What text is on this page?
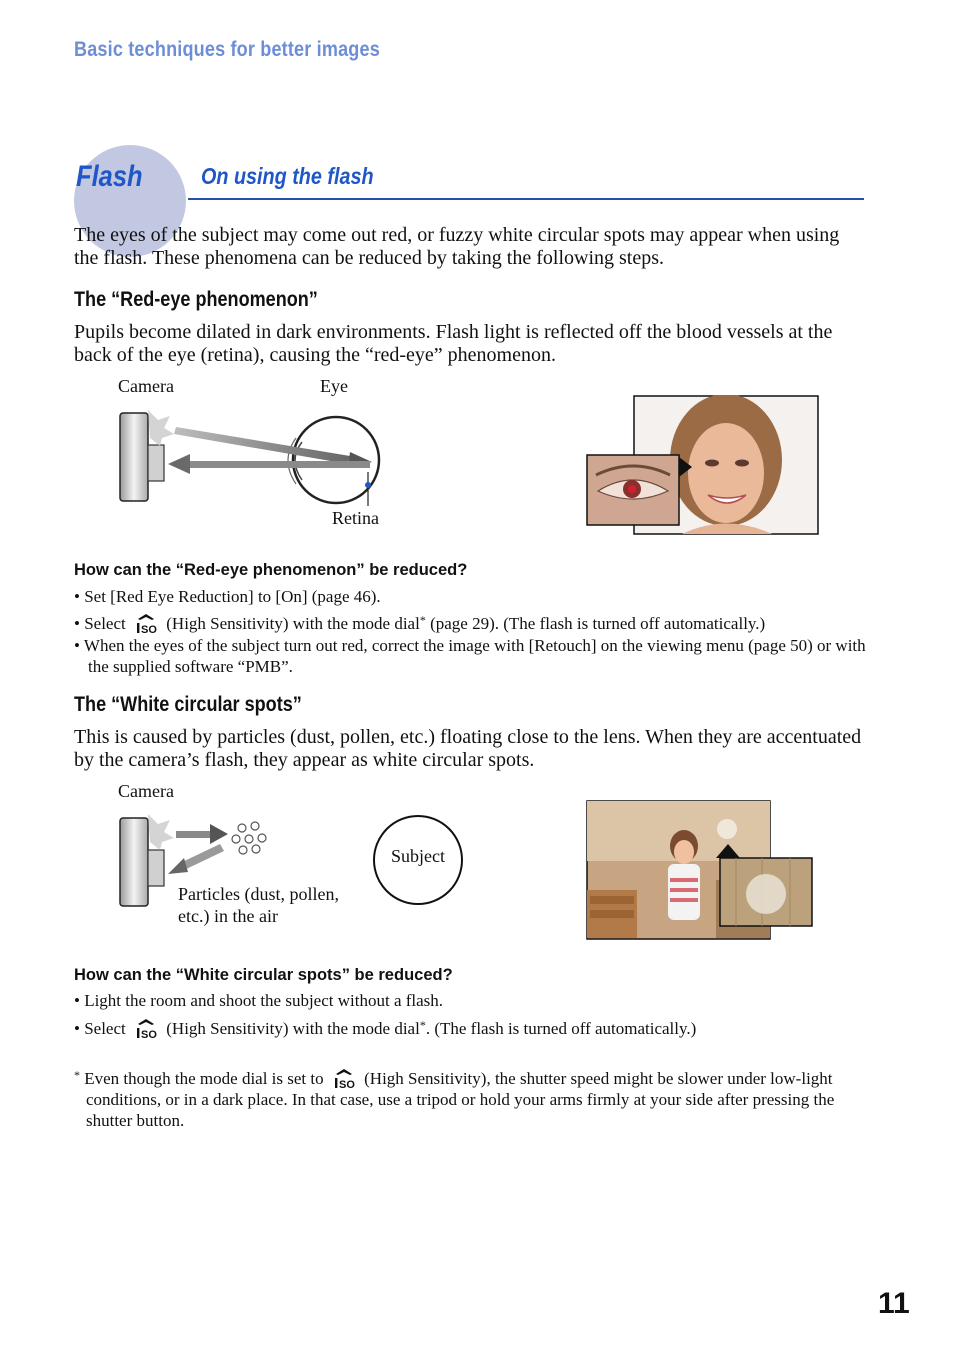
Basic techniques for better images
Flash	On using the flash
The eyes of the subject may come out red, or fuzzy white circular spots may appear when using the flash. These phenomena can be reduced by taking the following steps.
The “Red-eye phenomenon”
Pupils become dilated in dark environments. Flash light is reflected off the blood vessels at the back of the eye (retina), causing the “red-eye” phenomenon.
Camera	Eye
Retina
How can the “Red-eye phenomenon” be reduced?
• Set [Red Eye Reduction] to [On] (page 46).
• Select SO (High Sensitivity) with the mode dial* (page 29). (The flash is turned off automatically.)
• When the eyes of the subject turn out red, correct the image with [Retouch] on the viewing menu (page 50) or with the supplied software “PMB”.
The “White circular spots”
This is caused by particles (dust, pollen, etc.) floating close to the lens. When they are accentuated by the camera’s flash, they appear as white circular spots.
Camera
Particles (dust, pollen,
etc.) in the air
Subject
How can the “White circular spots” be reduced?
• Light the room and shoot the subject without a flash.
• Select SO (High Sensitivity) with the mode dial*. (The flash is turned off automatically.)
* Even though the mode dial is set to SO (High Sensitivity), the shutter speed might be slower under low-light conditions, or in a dark place. In that case, use a tripod or hold your arms firmly at your side after pressing the shutter button.
11
